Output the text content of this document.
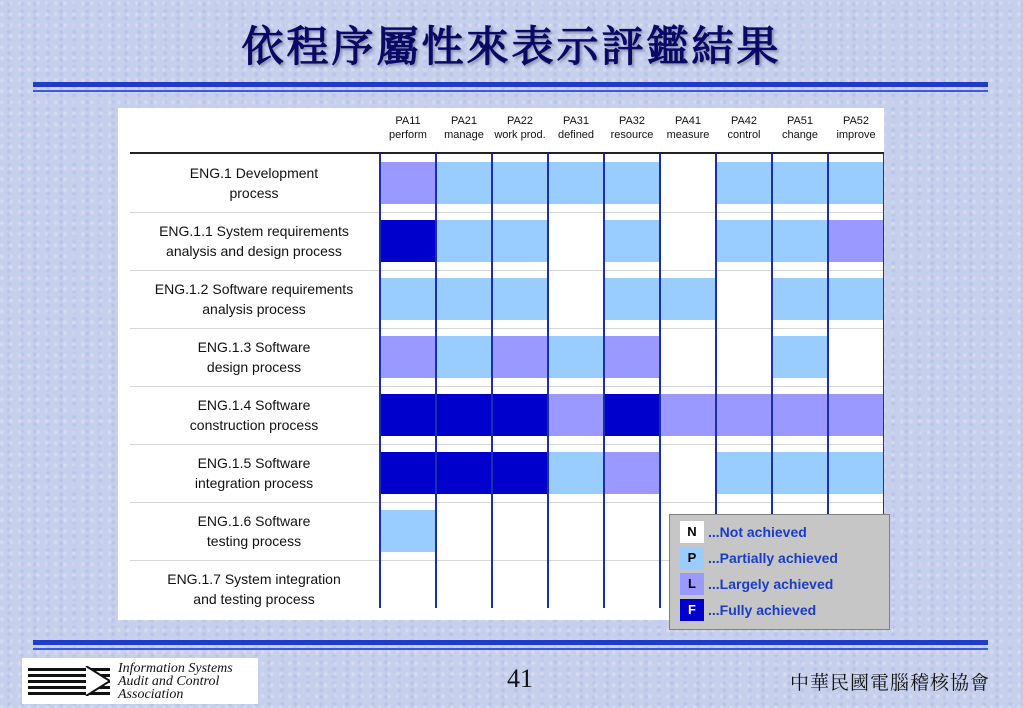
依程序屬性來表示評鑑結果
PA11
perform
PA21
manage
PA22
work prod.
PA31
defined
PA32
resource
PA41
measure
PA42
control
PA51
change
PA52
improve
ENG.1 Development
process
ENG.1.1 System requirements
analysis and design process
ENG.1.2 Software requirements
analysis process
ENG.1.3 Software
design process
ENG.1.4 Software
construction process
ENG.1.5 Software
integration process
ENG.1.6 Software
testing process
ENG.1.7 System integration
and testing process
N ...Not achieved
P ...Partially achieved
L ...Largely achieved
F ...Fully achieved
Information Systems
Audit and Control
Association
41	中華民國電腦稽核協會
